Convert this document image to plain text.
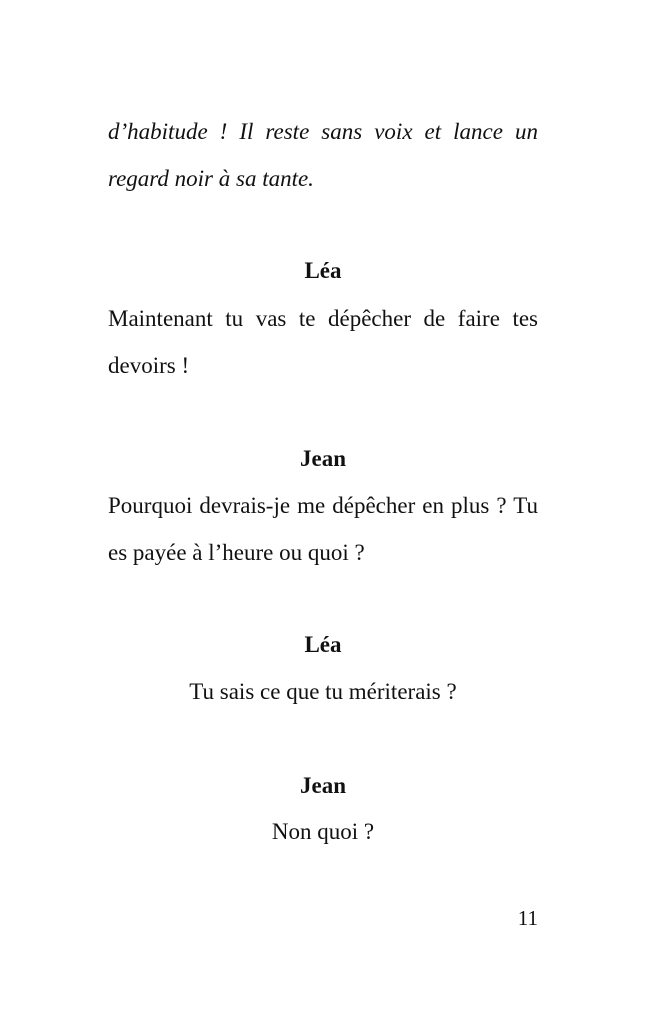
d’habitude ! Il reste sans voix et lance un regard noir à sa tante.

Léa

Maintenant tu vas te dépêcher de faire tes devoirs !

Jean

Pourquoi devrais-je me dépêcher en plus ? Tu es payée à l’heure ou quoi ?

Léa
Tu sais ce que tu mériterais ?
Jean
Non quoi ?
11
